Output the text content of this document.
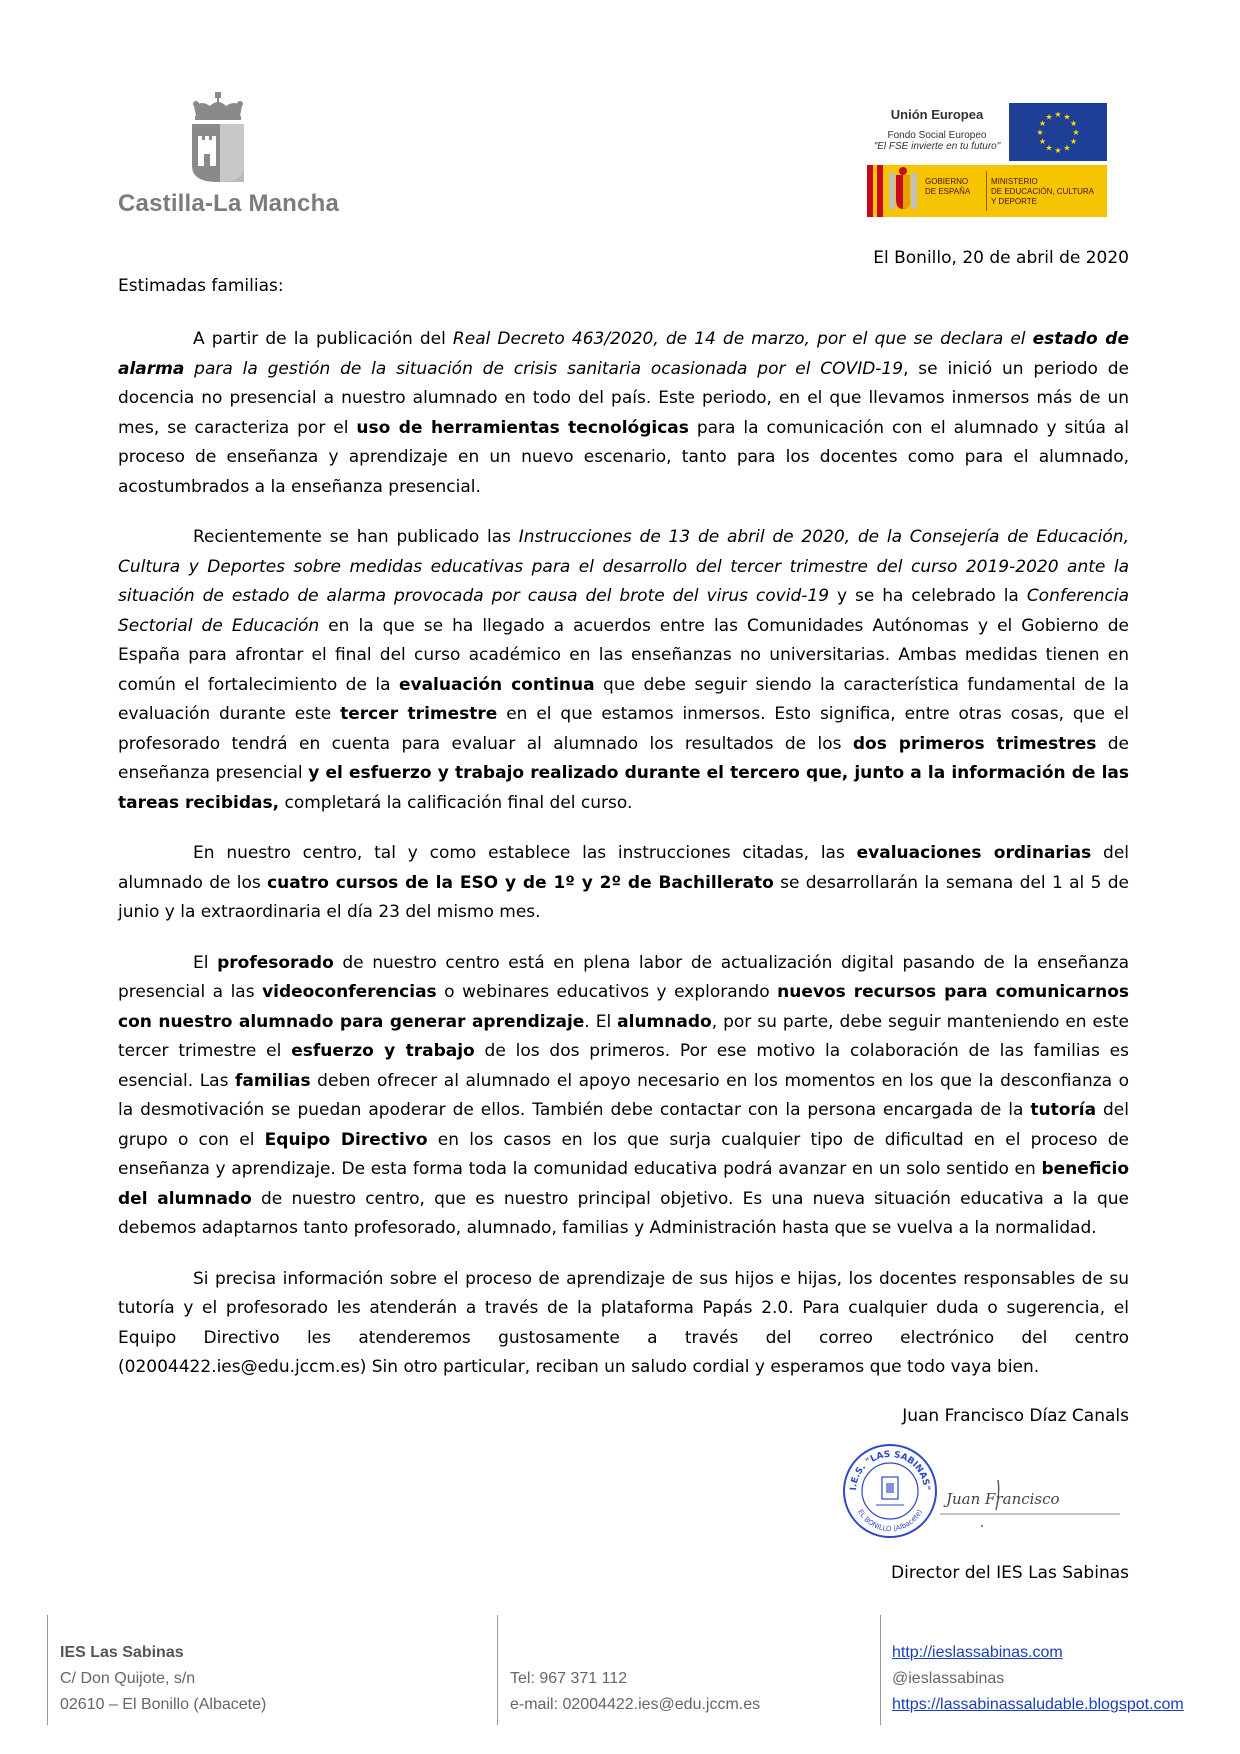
Castilla-La Mancha
Unión Europea
Fondo Social Europeo
"El FSE invierte en tu futuro"
★ ★
★
★
★
★
★
★
★
★
★
★
GOBIERNO
DE ESPAÑA
MINISTERIO
DE EDUCACIÓN, CULTURA
Y DEPORTE
El Bonillo, 20 de abril de 2020
Estimadas familias:

A partir de la publicación del Real Decreto 463/2020, de 14 de marzo, por el que se declara el estado de alarma para la gestión de la situación de crisis sanitaria ocasionada por el COVID-19, se inició un periodo de docencia no presencial a nuestro alumnado en todo del país. Este periodo, en el que llevamos inmersos más de un mes, se caracteriza por el uso de herramientas tecnológicas para la comunicación con el alumnado y sitúa al proceso de enseñanza y aprendizaje en un nuevo escenario, tanto para los docentes como para el alumnado, acostumbrados a la enseñanza presencial.

Recientemente se han publicado las Instrucciones de 13 de abril de 2020, de la Consejería de Educación, Cultura y Deportes sobre medidas educativas para el desarrollo del tercer trimestre del curso 2019-2020 ante la situación de estado de alarma provocada por causa del brote del virus covid-19 y se ha celebrado la Conferencia Sectorial de Educación en la que se ha llegado a acuerdos entre las Comunidades Autónomas y el Gobierno de España para afrontar el final del curso académico en las enseñanzas no universitarias. Ambas medidas tienen en común el fortalecimiento de la evaluación continua que debe seguir siendo la característica fundamental de la evaluación durante este tercer trimestre en el que estamos inmersos. Esto significa, entre otras cosas, que el profesorado tendrá en cuenta para evaluar al alumnado los resultados de los dos primeros trimestres de enseñanza presencial y el esfuerzo y trabajo realizado durante el tercero que, junto a la información de las tareas recibidas, completará la calificación final del curso.

En nuestro centro, tal y como establece las instrucciones citadas, las evaluaciones ordinarias del alumnado de los cuatro cursos de la ESO y de 1º y 2º de Bachillerato se desarrollarán la semana del 1 al 5 de junio y la extraordinaria el día 23 del mismo mes.

El profesorado de nuestro centro está en plena labor de actualización digital pasando de la enseñanza presencial a las videoconferencias o webinares educativos y explorando nuevos recursos para comunicarnos con nuestro alumnado para generar aprendizaje. El alumnado, por su parte, debe seguir manteniendo en este tercer trimestre el esfuerzo y trabajo de los dos primeros. Por ese motivo la colaboración de las familias es esencial. Las familias deben ofrecer al alumnado el apoyo necesario en los momentos en los que la desconfianza o la desmotivación se puedan apoderar de ellos. También debe contactar con la persona encargada de la tutoría del grupo o con el Equipo Directivo en los casos en los que surja cualquier tipo de dificultad en el proceso de enseñanza y aprendizaje. De esta forma toda la comunidad educativa podrá avanzar en un solo sentido en beneficio del alumnado de nuestro centro, que es nuestro principal objetivo. Es una nueva situación educativa a la que debemos adaptarnos tanto profesorado, alumnado, familias y Administración hasta que se vuelva a la normalidad.

Si precisa información sobre el proceso de aprendizaje de sus hijos e hijas, los docentes responsables de su tutoría y el profesorado les atenderán a través de la plataforma Papás 2.0. Para cualquier duda o sugerencia, el Equipo Directivo les atenderemos gustosamente a través del correo electrónico del centro (02004422.ies@edu.jccm.es) Sin otro particular, reciban un saludo cordial y esperamos que todo vaya bien.

Juan Francisco Díaz Canals
I.E.S. "LAS SABINAS"
EL BONILLO (Albacete)
Juan Francisco
Director del IES Las Sabinas
IES Las Sabinas
C/ Don Quijote, s/n
02610 – El Bonillo (Albacete)
Tel: 967 371 112
e-mail: 02004422.ies@edu.jccm.es
http://ieslassabinas.com
@ieslassabinas
https://lassabinassaludable.blogspot.com
